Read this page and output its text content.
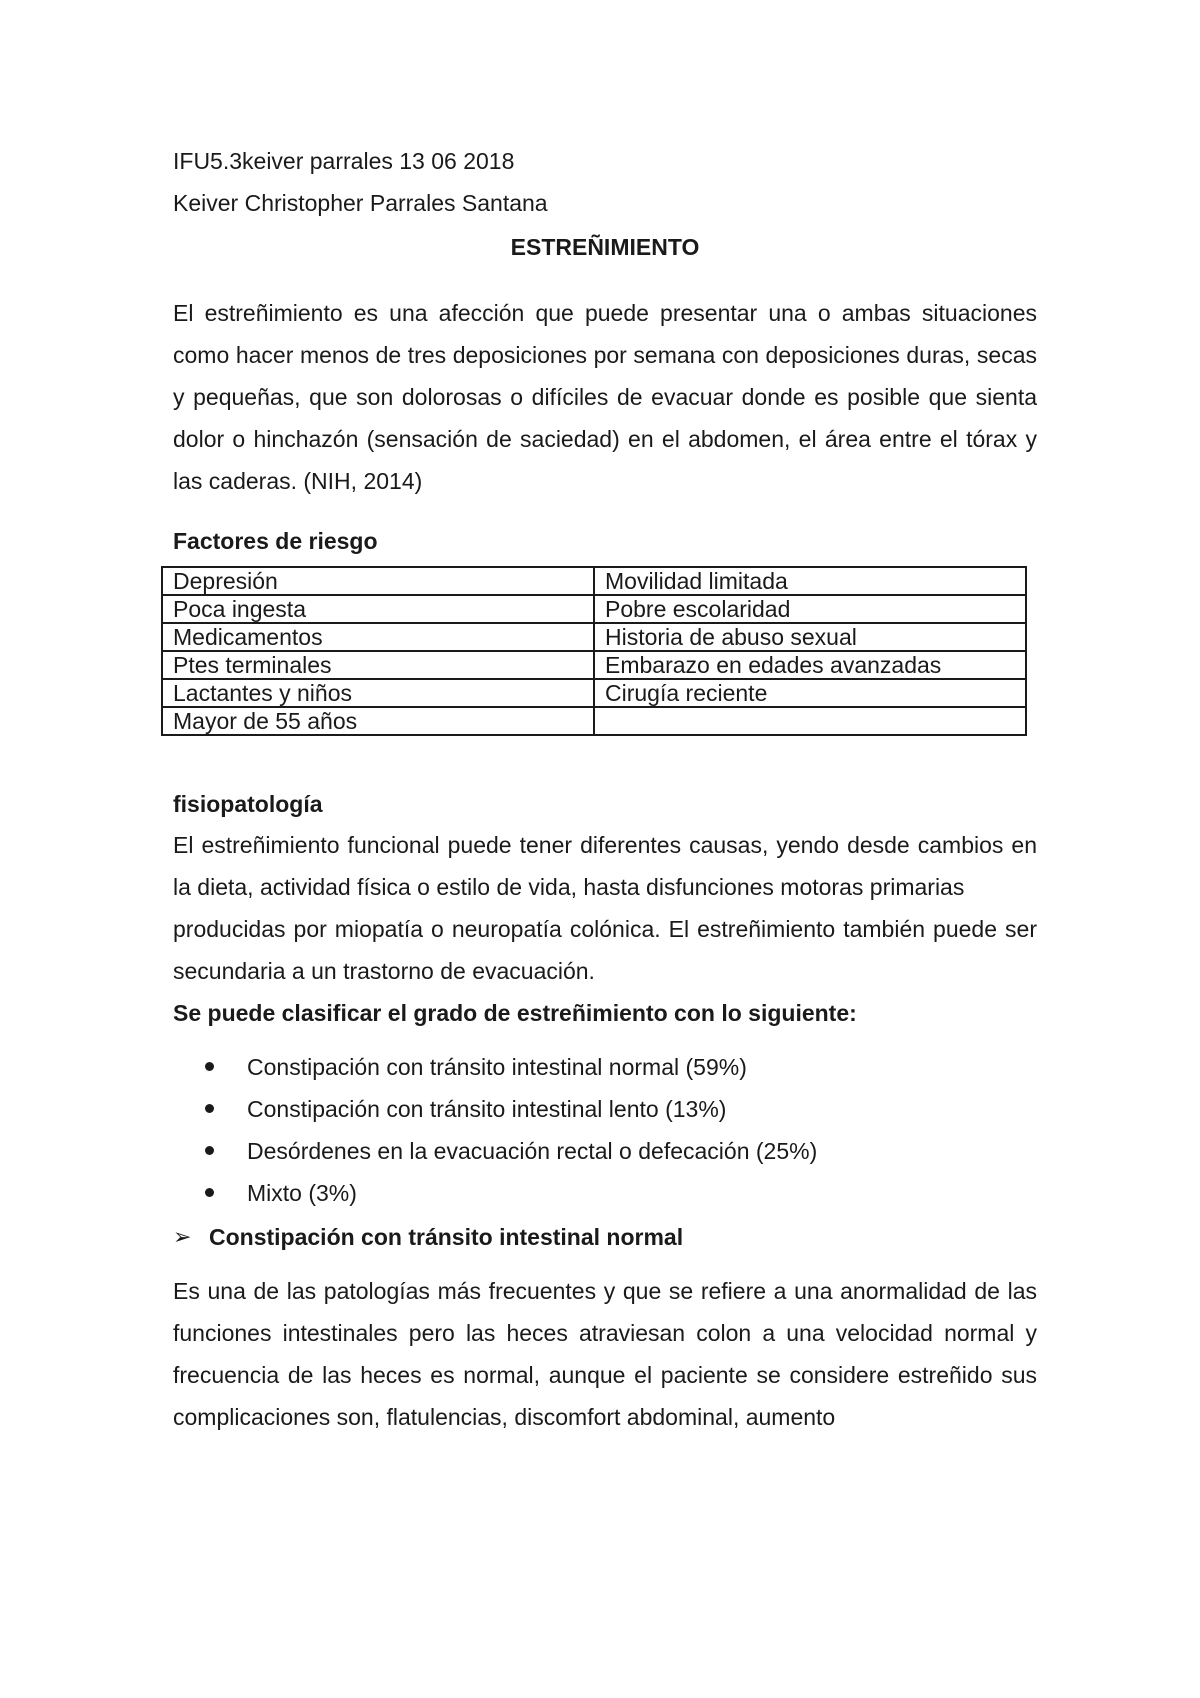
IFU5.3keiver parrales 13 06 2018

Keiver Christopher Parrales Santana

ESTREÑIMIENTO

El estreñimiento es una afección que puede presentar una o ambas situaciones como hacer menos de tres deposiciones por semana con deposiciones duras, secas y pequeñas, que son dolorosas o difíciles de evacuar donde es posible que sienta dolor o hinchazón (sensación de saciedad) en el abdomen, el área entre el tórax y las caderas. (NIH, 2014)

Factores de riesgo

Depresión	Movilidad limitada
Poca ingesta	Pobre escolaridad
Medicamentos	Historia de abuso sexual
Ptes terminales	Embarazo en edades avanzadas
Lactantes y niños	Cirugía reciente
Mayor de 55 años	

fisiopatología

El estreñimiento funcional puede tener diferentes causas, yendo desde cambios en la dieta, actividad física o estilo de vida, hasta disfunciones motoras primarias

producidas por miopatía o neuropatía colónica. El estreñimiento también puede ser secundaria a un trastorno de evacuación.

Se puede clasificar el grado de estreñimiento con lo siguiente:

Constipación con tránsito intestinal normal (59%)
Constipación con tránsito intestinal lento (13%)
Desórdenes en la evacuación rectal o defecación (25%)
Mixto (3%)

➢ Constipación con tránsito intestinal normal

Es una de las patologías más frecuentes y que se refiere a una anormalidad de las funciones intestinales pero las heces atraviesan colon a una velocidad normal y frecuencia de las heces es normal, aunque el paciente se considere estreñido sus complicaciones son, flatulencias, discomfort abdominal, aumento
